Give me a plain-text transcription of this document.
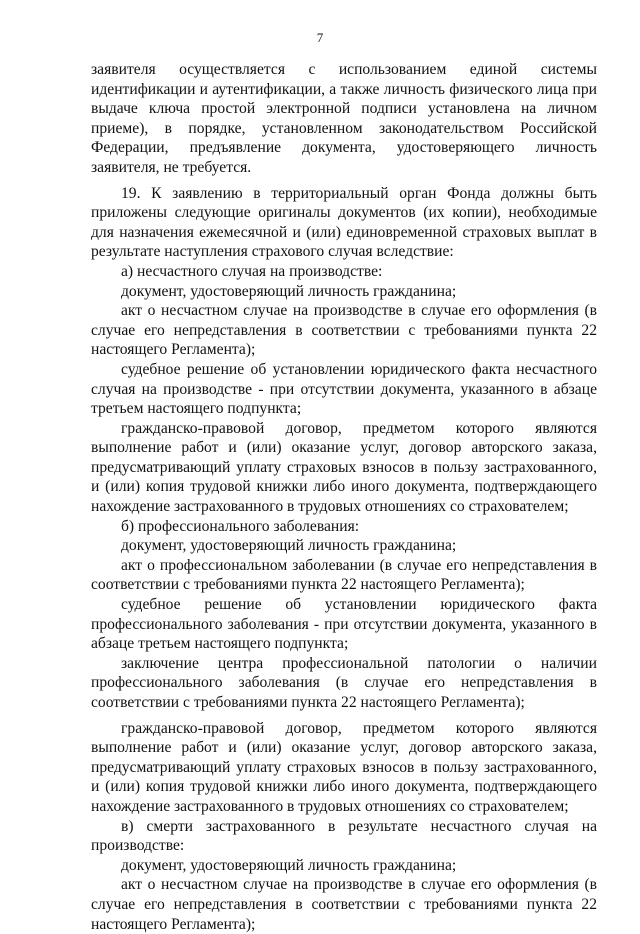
7

заявителя осуществляется с использованием единой системы идентификации и аутентификации, а также личность физического лица при выдаче ключа простой электронной подписи установлена на личном приеме), в порядке, установленном законодательством Российской Федерации, предъявление документа, удостоверяющего личность заявителя, не требуется.

19. К заявлению в территориальный орган Фонда должны быть приложены следующие оригиналы документов (их копии), необходимые для назначения ежемесячной и (или) единовременной страховых выплат в результате наступления страхового случая вследствие:

а) несчастного случая на производстве:

документ, удостоверяющий личность гражданина;

акт о несчастном случае на производстве в случае его оформления (в случае его непредставления в соответствии с требованиями пункта 22 настоящего Регламента);

судебное решение об установлении юридического факта несчастного случая на производстве - при отсутствии документа, указанного в абзаце третьем настоящего подпункта;

гражданско-правовой договор, предметом которого являются выполнение работ и (или) оказание услуг, договор авторского заказа, предусматривающий уплату страховых взносов в пользу застрахованного, и (или) копия трудовой книжки либо иного документа, подтверждающего нахождение застрахованного в трудовых отношениях со страхователем;

б) профессионального заболевания:

документ, удостоверяющий личность гражданина;

акт о профессиональном заболевании (в случае его непредставления в соответствии с требованиями пункта 22 настоящего Регламента);

судебное решение об установлении юридического факта профессионального заболевания - при отсутствии документа, указанного в абзаце третьем настоящего подпункта;

заключение центра профессиональной патологии о наличии профессионального заболевания (в случае его непредставления в соответствии с требованиями пункта 22 настоящего Регламента);

гражданско-правовой договор, предметом которого являются выполнение работ и (или) оказание услуг, договор авторского заказа, предусматривающий уплату страховых взносов в пользу застрахованного, и (или) копия трудовой книжки либо иного документа, подтверждающего нахождение застрахованного в трудовых отношениях со страхователем;

в) смерти застрахованного в результате несчастного случая на производстве:

документ, удостоверяющий личность гражданина;

акт о несчастном случае на производстве в случае его оформления (в случае его непредставления в соответствии с требованиями пункта 22 настоящего Регламента);
